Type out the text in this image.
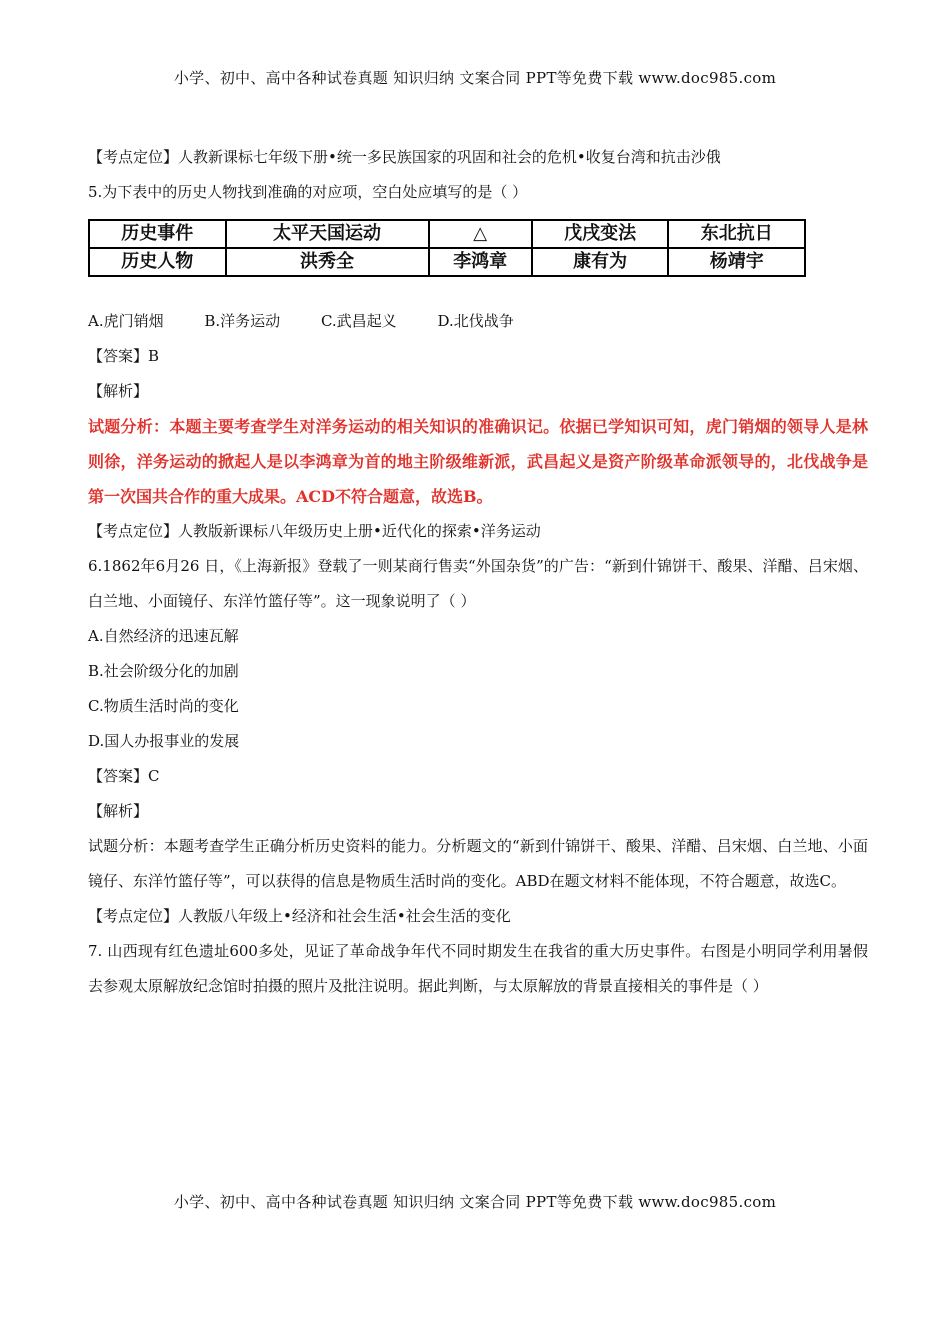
小学、初中、高中各种试卷真题 知识归纳 文案合同 PPT等免费下载 www.doc985.com

【考点定位】人教新课标七年级下册•统一多民族国家的巩固和社会的危机•收复台湾和抗击沙俄

5.为下表中的历史人物找到准确的对应项，空白处应填写的是（ ）

历史事件	太平天国运动	△	戊戌变法	东北抗日
历史人物	洪秀全	李鸿章	康有为	杨靖宇

A.虎门销烟	B.洋务运动	C.武昌起义	D.北伐战争

【答案】B

【解析】

试题分析：本题主要考查学生对洋务运动的相关知识的准确识记。依据已学知识可知，虎门销烟的领导人是林则徐，洋务运动的掀起人是以李鸿章为首的地主阶级维新派，武昌起义是资产阶级革命派领导的，北伐战争是第一次国共合作的重大成果。ACD不符合题意，故选B。

【考点定位】人教版新课标八年级历史上册•近代化的探索•洋务运动

6.1862年6月26 日，《上海新报》登载了一则某商行售卖“外国杂货”的广告：“新到什锦饼干、酸果、洋醋、吕宋烟、白兰地、小面镜仔、东洋竹篮仔等”。这一现象说明了（ ）

A.自然经济的迅速瓦解

B.社会阶级分化的加剧

C.物质生活时尚的变化

D.国人办报事业的发展

【答案】C

【解析】

试题分析：本题考查学生正确分析历史资料的能力。分析题文的“新到什锦饼干、酸果、洋醋、吕宋烟、白兰地、小面镜仔、东洋竹篮仔等”，可以获得的信息是物质生活时尚的变化。ABD在题文材料不能体现，不符合题意，故选C。

【考点定位】人教版八年级上•经济和社会生活•社会生活的变化

7. 山西现有红色遗址600多处，见证了革命战争年代不同时期发生在我省的重大历史事件。右图是小明同学利用暑假去参观太原解放纪念馆时拍摄的照片及批注说明。据此判断，与太原解放的背景直接相关的事件是（ ）

小学、初中、高中各种试卷真题 知识归纳 文案合同 PPT等免费下载 www.doc985.com
